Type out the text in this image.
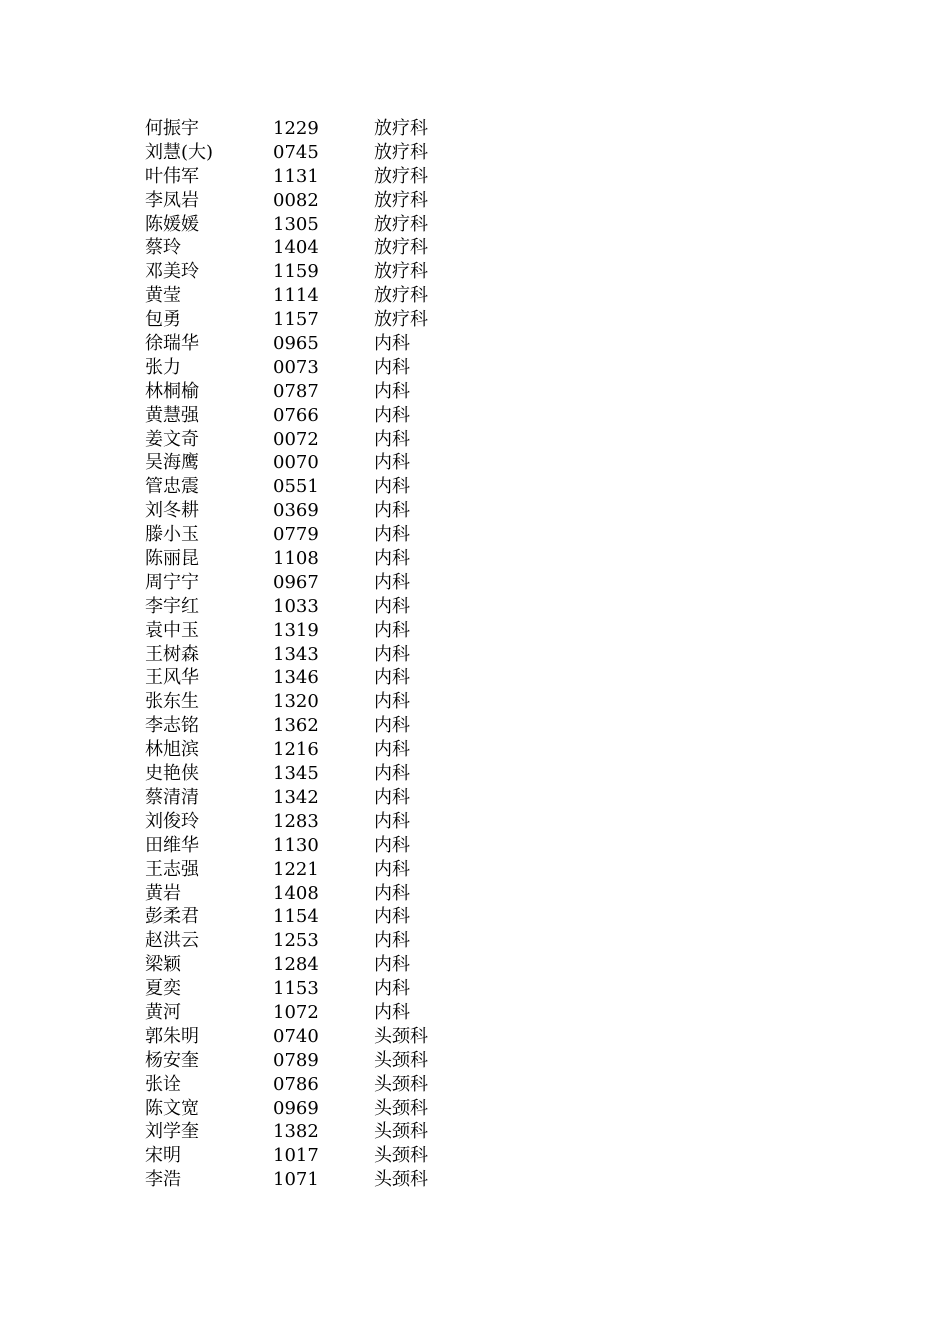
何振宇	1229	放疗科
刘慧(大)	0745	放疗科
叶伟军	1131	放疗科
李凤岩	0082	放疗科
陈媛媛	1305	放疗科
蔡玲	1404	放疗科
邓美玲	1159	放疗科
黄莹	1114	放疗科
包勇	1157	放疗科
徐瑞华	0965	内科
张力	0073	内科
林桐榆	0787	内科
黄慧强	0766	内科
姜文奇	0072	内科
吴海鹰	0070	内科
管忠震	0551	内科
刘冬耕	0369	内科
滕小玉	0779	内科
陈丽昆	1108	内科
周宁宁	0967	内科
李宇红	1033	内科
袁中玉	1319	内科
王树森	1343	内科
王风华	1346	内科
张东生	1320	内科
李志铭	1362	内科
林旭滨	1216	内科
史艳侠	1345	内科
蔡清清	1342	内科
刘俊玲	1283	内科
田维华	1130	内科
王志强	1221	内科
黄岩	1408	内科
彭柔君	1154	内科
赵洪云	1253	内科
梁颖	1284	内科
夏奕	1153	内科
黄河	1072	内科
郭朱明	0740	头颈科
杨安奎	0789	头颈科
张诠	0786	头颈科
陈文宽	0969	头颈科
刘学奎	1382	头颈科
宋明	1017	头颈科
李浩	1071	头颈科
